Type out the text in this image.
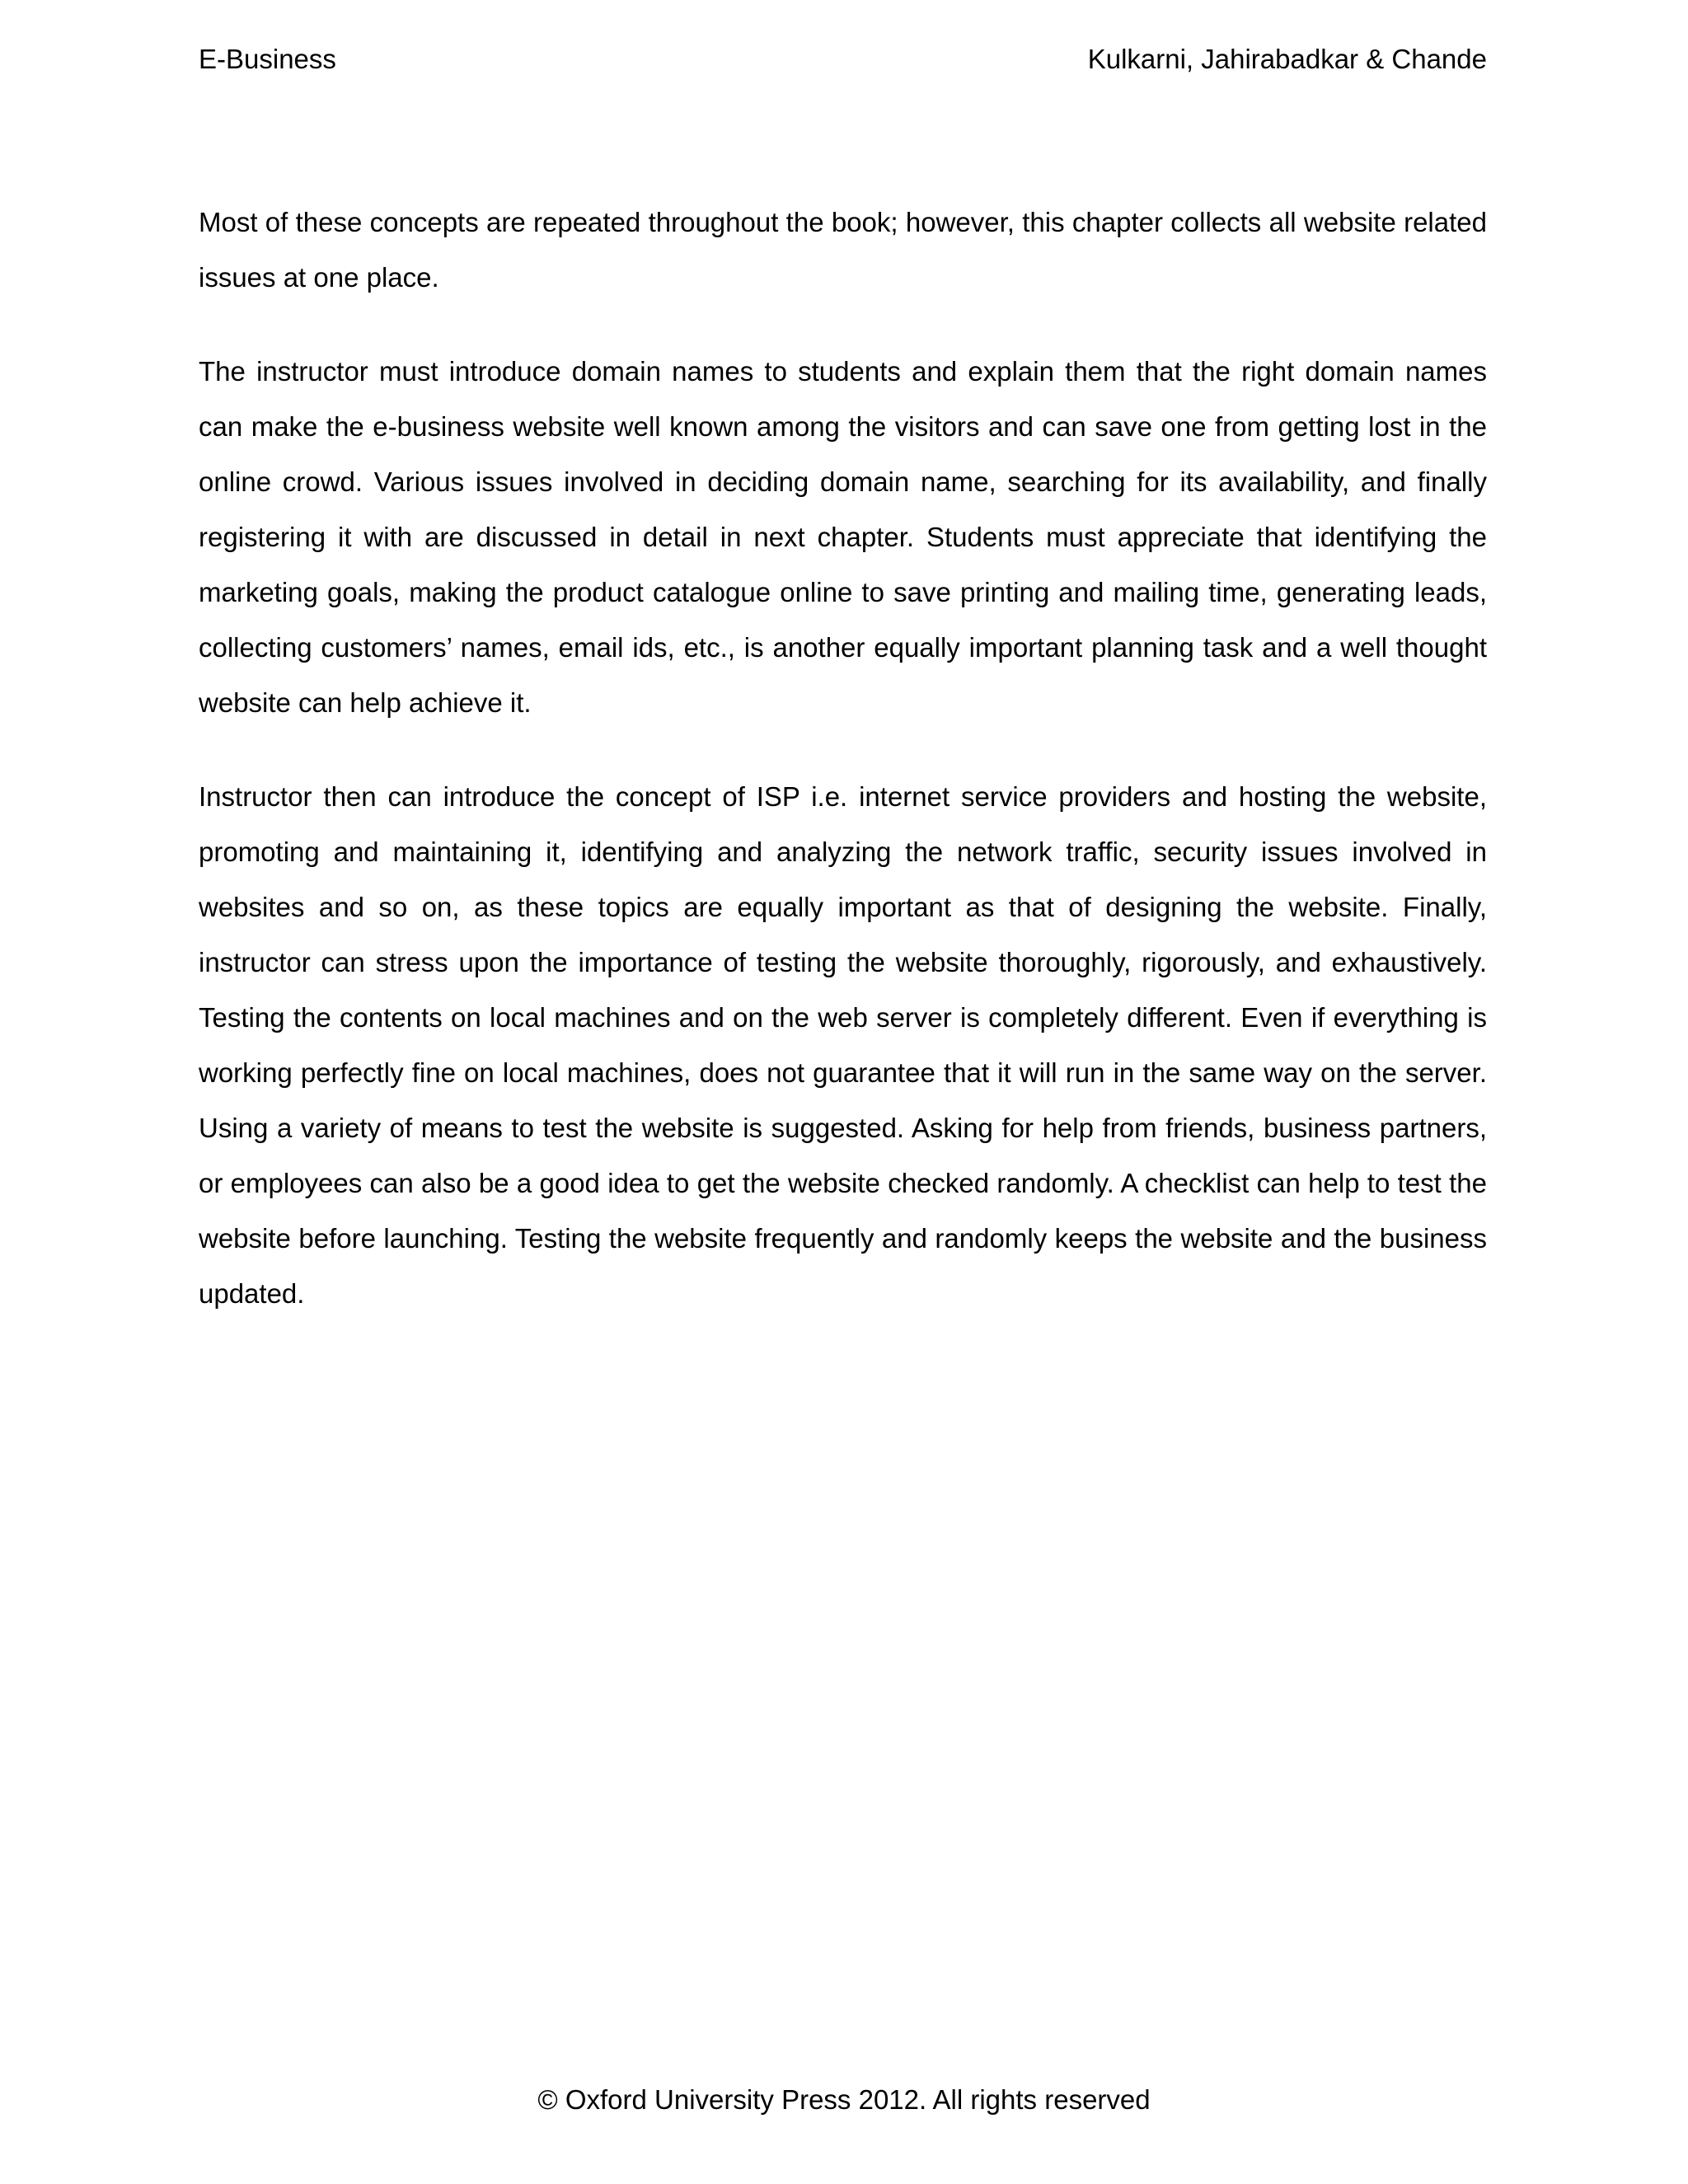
E-Business	Kulkarni, Jahirabadkar & Chande

Most of these concepts are repeated throughout the book; however, this chapter collects all website related issues at one place.

The instructor must introduce domain names to students and explain them that the right domain names can make the e-business website well known among the visitors and can save one from getting lost in the online crowd. Various issues involved in deciding domain name, searching for its availability, and finally registering it with are discussed in detail in next chapter. Students must appreciate that identifying the marketing goals, making the product catalogue online to save printing and mailing time, generating leads, collecting customers’ names, email ids, etc., is another equally important planning task and a well thought website can help achieve it.

Instructor then can introduce the concept of ISP i.e. internet service providers and hosting the website, promoting and maintaining it, identifying and analyzing the network traffic, security issues involved in websites and so on, as these topics are equally important as that of designing the website. Finally, instructor can stress upon the importance of testing the website thoroughly, rigorously, and exhaustively. Testing the contents on local machines and on the web server is completely different. Even if everything is working perfectly fine on local machines, does not guarantee that it will run in the same way on the server. Using a variety of means to test the website is suggested. Asking for help from friends, business partners, or employees can also be a good idea to get the website checked randomly. A checklist can help to test the website before launching. Testing the website frequently and randomly keeps the website and the business updated.

© Oxford University Press 2012. All rights reserved
